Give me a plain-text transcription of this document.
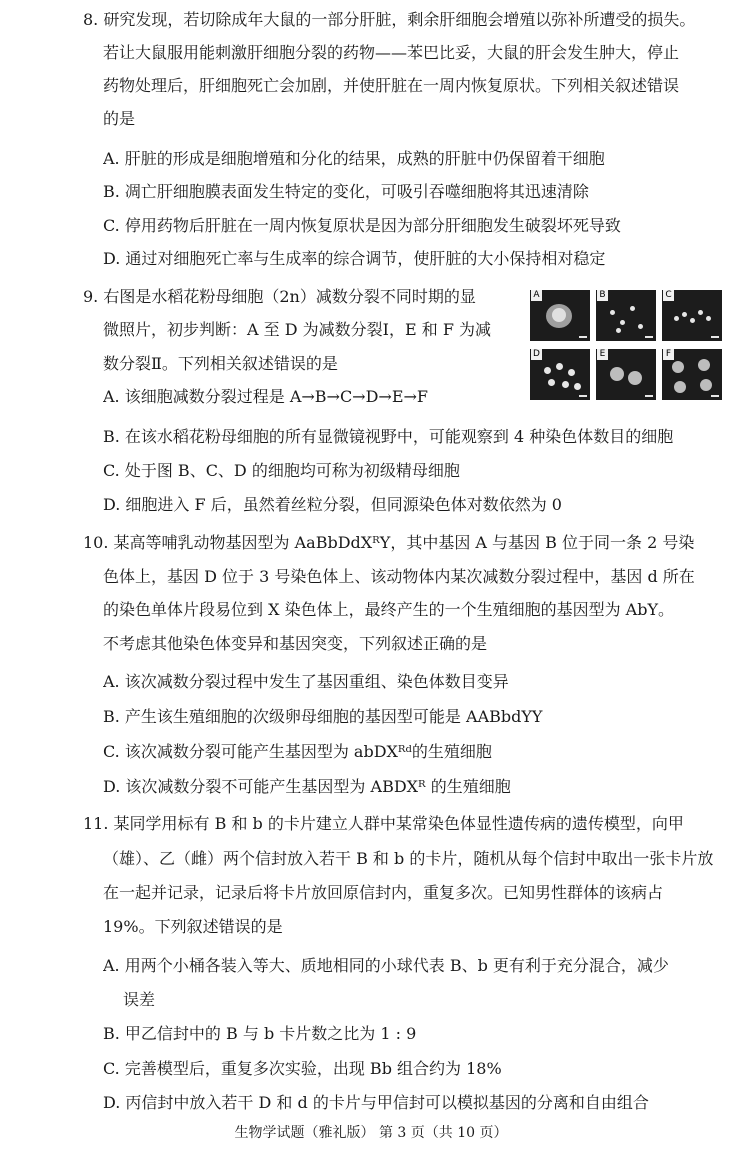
8. 研究发现，若切除成年大鼠的一部分肝脏，剩余肝细胞会增殖以弥补所遭受的损失。
若让大鼠服用能刺激肝细胞分裂的药物——苯巴比妥，大鼠的肝会发生肿大，停止
药物处理后，肝细胞死亡会加剧，并使肝脏在一周内恢复原状。下列相关叙述错误
的是
A. 肝脏的形成是细胞增殖和分化的结果，成熟的肝脏中仍保留着干细胞
B. 凋亡肝细胞膜表面发生特定的变化，可吸引吞噬细胞将其迅速清除
C. 停用药物后肝脏在一周内恢复原状是因为部分肝细胞发生破裂坏死导致
D. 通过对细胞死亡率与生成率的综合调节，使肝脏的大小保持相对稳定
9. 右图是水稻花粉母细胞（2n）减数分裂不同时期的显
微照片，初步判断：A 至 D 为减数分裂Ⅰ，E 和 F 为减
数分裂Ⅱ。下列相关叙述错误的是
A. 该细胞减数分裂过程是 A→B→C→D→E→F
B. 在该水稻花粉母细胞的所有显微镜视野中，可能观察到 4 种染色体数目的细胞
C. 处于图 B、C、D 的细胞均可称为初级精母细胞
D. 细胞进入 F 后，虽然着丝粒分裂，但同源染色体对数依然为 0
A	B	C
D	E	F
10. 某高等哺乳动物基因型为 AaBbDdXᴿY，其中基因 A 与基因 B 位于同一条 2 号染
色体上，基因 D 位于 3 号染色体上、该动物体内某次减数分裂过程中，基因 d 所在
的染色单体片段易位到 X 染色体上，最终产生的一个生殖细胞的基因型为 AbY。
不考虑其他染色体变异和基因突变，下列叙述正确的是
A. 该次减数分裂过程中发生了基因重组、染色体数目变异
B. 产生该生殖细胞的次级卵母细胞的基因型可能是 AABbdYY
C. 该次减数分裂可能产生基因型为 abDXᴿᵈ的生殖细胞
D. 该次减数分裂不可能产生基因型为 ABDXᴿ 的生殖细胞
11. 某同学用标有 B 和 b 的卡片建立人群中某常染色体显性遗传病的遗传模型，向甲
（雄）、乙（雌）两个信封放入若干 B 和 b 的卡片，随机从每个信封中取出一张卡片放
在一起并记录，记录后将卡片放回原信封内，重复多次。已知男性群体的该病占
19%。下列叙述错误的是
A. 用两个小桶各装入等大、质地相同的小球代表 B、b 更有利于充分混合，减少
误差
B. 甲乙信封中的 B 与 b 卡片数之比为 1 : 9
C. 完善模型后，重复多次实验，出现 Bb 组合约为 18%
D. 丙信封中放入若干 D 和 d 的卡片与甲信封可以模拟基因的分离和自由组合
生物学试题（雅礼版） 第 3 页（共 10 页）
